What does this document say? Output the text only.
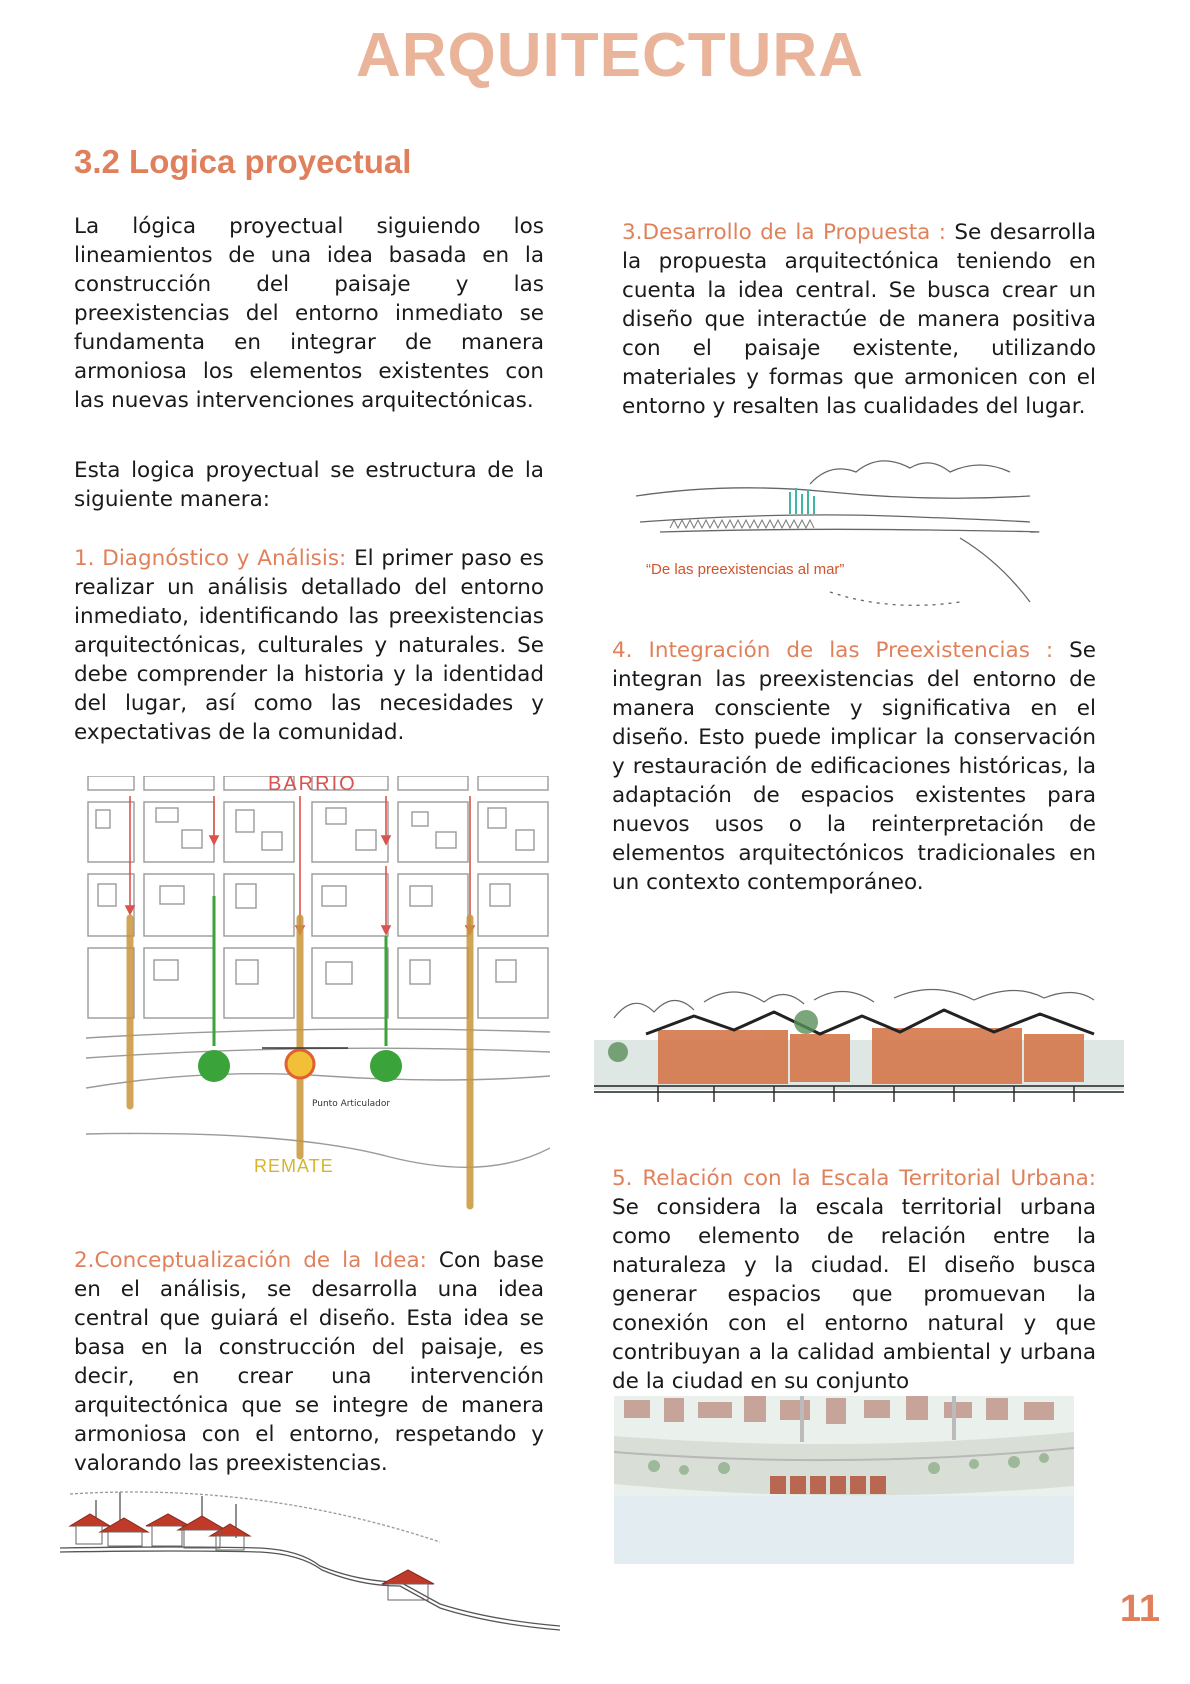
ARQUITECTURA
3.2 Logica proyectual

La lógica proyectual siguiendo los lineamientos de una idea basada en la construcción del paisaje y las preexistencias del entorno inmediato se fundamenta en integrar de manera armoniosa los elementos existentes con las nuevas intervenciones arquitectónicas.

Esta logica proyectual se estructura de la siguiente manera:

1. Diagnóstico y Análisis: El primer paso es realizar un análisis detallado del entorno inmediato, identificando las preexistencias arquitectónicas, culturales y naturales. Se debe comprender la historia y la identidad del lugar, así como las necesidades y expectativas de la comunidad.

Punto Articulador
BARRIO
REMATE

2.Conceptualización de la Idea: Con base en el análisis, se desarrolla una idea central que guiará el diseño. Esta idea se basa en la construcción del paisaje, es decir, en crear una intervención arquitectónica que se integre de manera armoniosa con el entorno, respetando y valorando las preexistencias.

3.Desarrollo de la Propuesta : Se desarrolla la propuesta arquitectónica teniendo en cuenta la idea central. Se busca crear un diseño que interactúe de manera positiva con el paisaje existente, utilizando materiales y formas que armonicen con el entorno y resalten las cualidades del lugar.

“De las preexistencias al mar”

4. Integración de las Preexistencias : Se integran las preexistencias del entorno de manera consciente y significativa en el diseño. Esto puede implicar la conservación y restauración de edificaciones históricas, la adaptación de espacios existentes para nuevos usos o la reinterpretación de elementos arquitectónicos tradicionales en un contexto contemporáneo.

5. Relación con la Escala Territorial Urbana: Se considera la escala territorial urbana como elemento de relación entre la naturaleza y la ciudad. El diseño busca generar espacios que promuevan la conexión con el entorno natural y que contribuyan a la calidad ambiental y urbana de la ciudad en su conjunto

11
